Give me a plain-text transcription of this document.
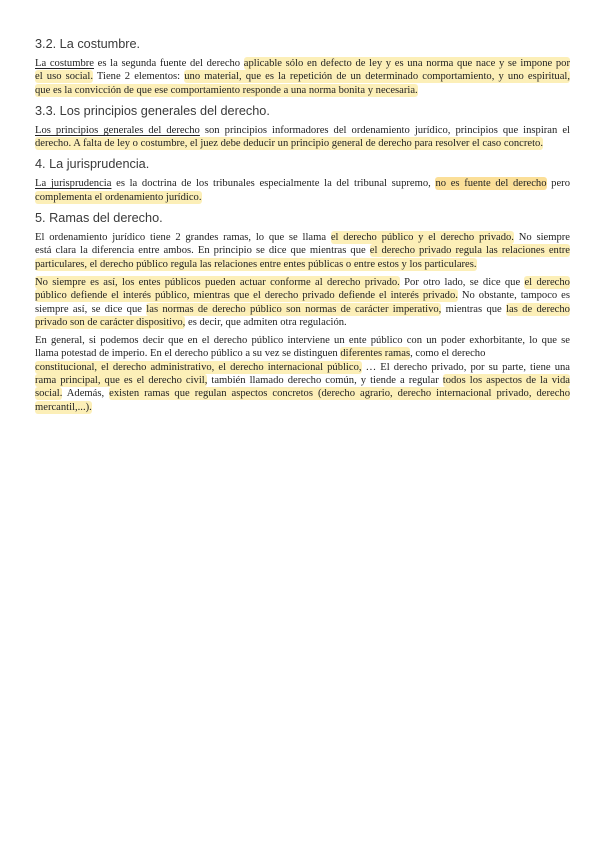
3.2. La costumbre.
La costumbre es la segunda fuente del derecho aplicable sólo en defecto de ley y es una norma que nace y se impone por
el uso social. Tiene 2 elementos: uno material, que es la repetición de un determinado comportamiento, y uno espiritual,
que es la convicción de que ese comportamiento responde a una norma bonita y necesaria.
3.3. Los principios generales del derecho.
Los principios generales del derecho son principios informadores del ordenamiento jurídico, principios que inspiran el
derecho. A falta de ley o costumbre, el juez debe deducir un principio general de derecho para resolver el caso concreto.
4. La jurisprudencia.
La jurisprudencia es la doctrina de los tribunales especialmente la del tribunal supremo, no es fuente del derecho pero
complementa el ordenamiento jurídico.
5. Ramas del derecho.
El ordenamiento jurídico tiene 2 grandes ramas, lo que se llama el derecho público y el derecho privado. No siempre
está clara la diferencia entre ambos. En principio se dice que mientras que el derecho privado regula las relaciones entre
particulares, el derecho público regula las relaciones entre entes públicas o entre estos y los particulares.
No siempre es así, los entes públicos pueden actuar conforme al derecho privado. Por otro lado, se dice que el derecho
público defiende el interés público, mientras que el derecho privado defiende el interés privado. No obstante, tampoco es
siempre así, se dice que las normas de derecho público son normas de carácter imperativo, mientras que las de derecho
privado son de carácter dispositivo, es decir, que admiten otra regulación.
En general, si podemos decir que en el derecho público interviene un ente público con un poder exhorbitante, lo que se
llama potestad de imperio. En el derecho público a su vez se distinguen diferentes ramas, como el derecho
constitucional, el derecho administrativo, el derecho internacional público, … El derecho privado, por su parte, tiene una
rama principal, que es el derecho civil, también llamado derecho común, y tiende a regular todos los aspectos de la vida
social. Además, existen ramas que regulan aspectos concretos (derecho agrario, derecho internacional privado, derecho
mercantil,...).
